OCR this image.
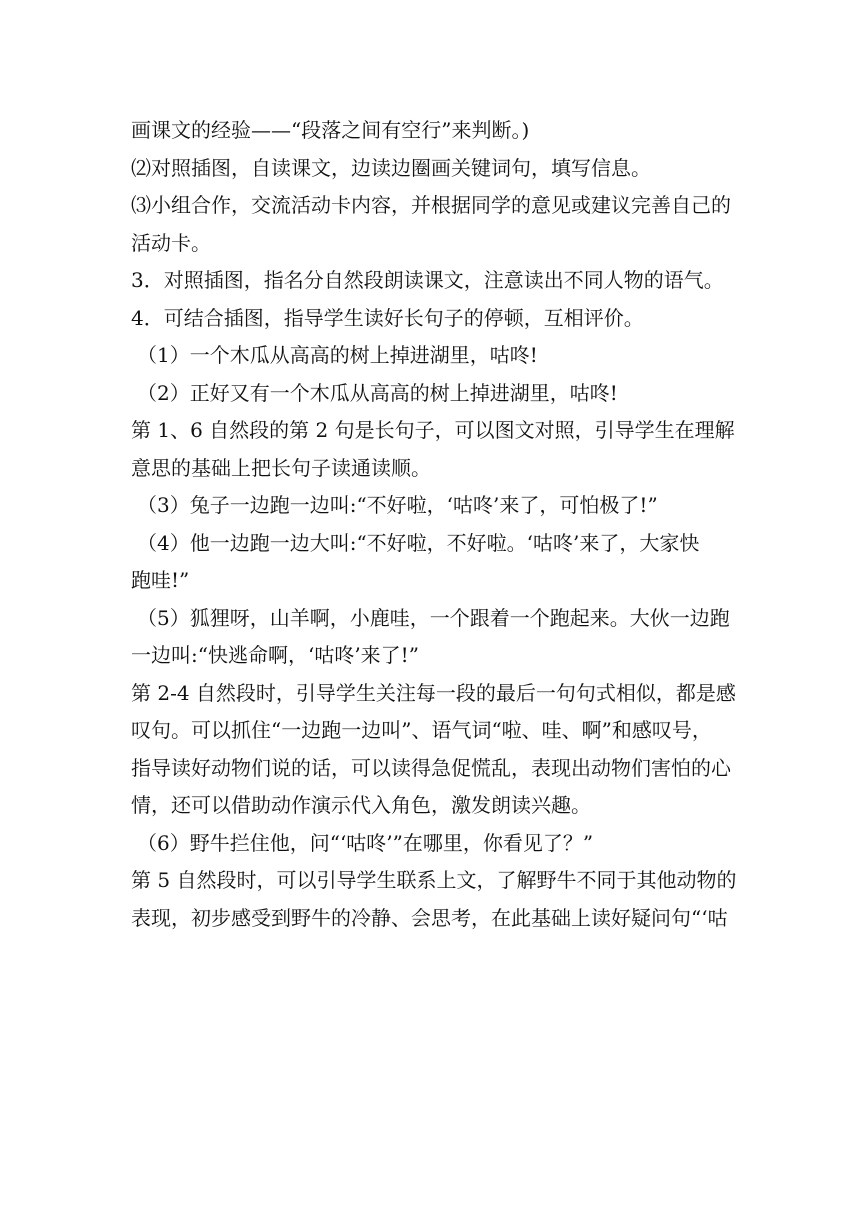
画课文的经验——“段落之间有空行”来判断。)
⑵对照插图，自读课文，边读边圈画关键词句，填写信息。
⑶小组合作，交流活动卡内容，并根据同学的意见或建议完善自己的
活动卡。
3．对照插图，指名分自然段朗读课文，注意读出不同人物的语气。
4．可结合插图，指导学生读好长句子的停顿，互相评价。
（1）一个木瓜从高高的树上掉进湖里，咕咚!
（2）正好又有一个木瓜从高高的树上掉进湖里，咕咚!
第 1、6 自然段的第 2 句是长句子，可以图文对照，引导学生在理解
意思的基础上把长句子读通读顺。
（3）兔子一边跑一边叫:“不好啦，‘咕咚’来了，可怕极了!”
（4）他一边跑一边大叫:“不好啦，不好啦。‘咕咚’来了，大家快
跑哇!”
（5）狐狸呀，山羊啊，小鹿哇，一个跟着一个跑起来。大伙一边跑
一边叫:“快逃命啊，‘咕咚’来了!”
第 2-4 自然段时，引导学生关注每一段的最后一句句式相似，都是感
叹句。可以抓住“一边跑一边叫”、语气词“啦、哇、啊”和感叹号，
指导读好动物们说的话，可以读得急促慌乱，表现出动物们害怕的心
情，还可以借助动作演示代入角色，激发朗读兴趣。
（6）野牛拦住他，问“‘咕咚’”在哪里，你看见了？”
第 5 自然段时，可以引导学生联系上文，了解野牛不同于其他动物的
表现，初步感受到野牛的冷静、会思考，在此基础上读好疑问句“‘咕
